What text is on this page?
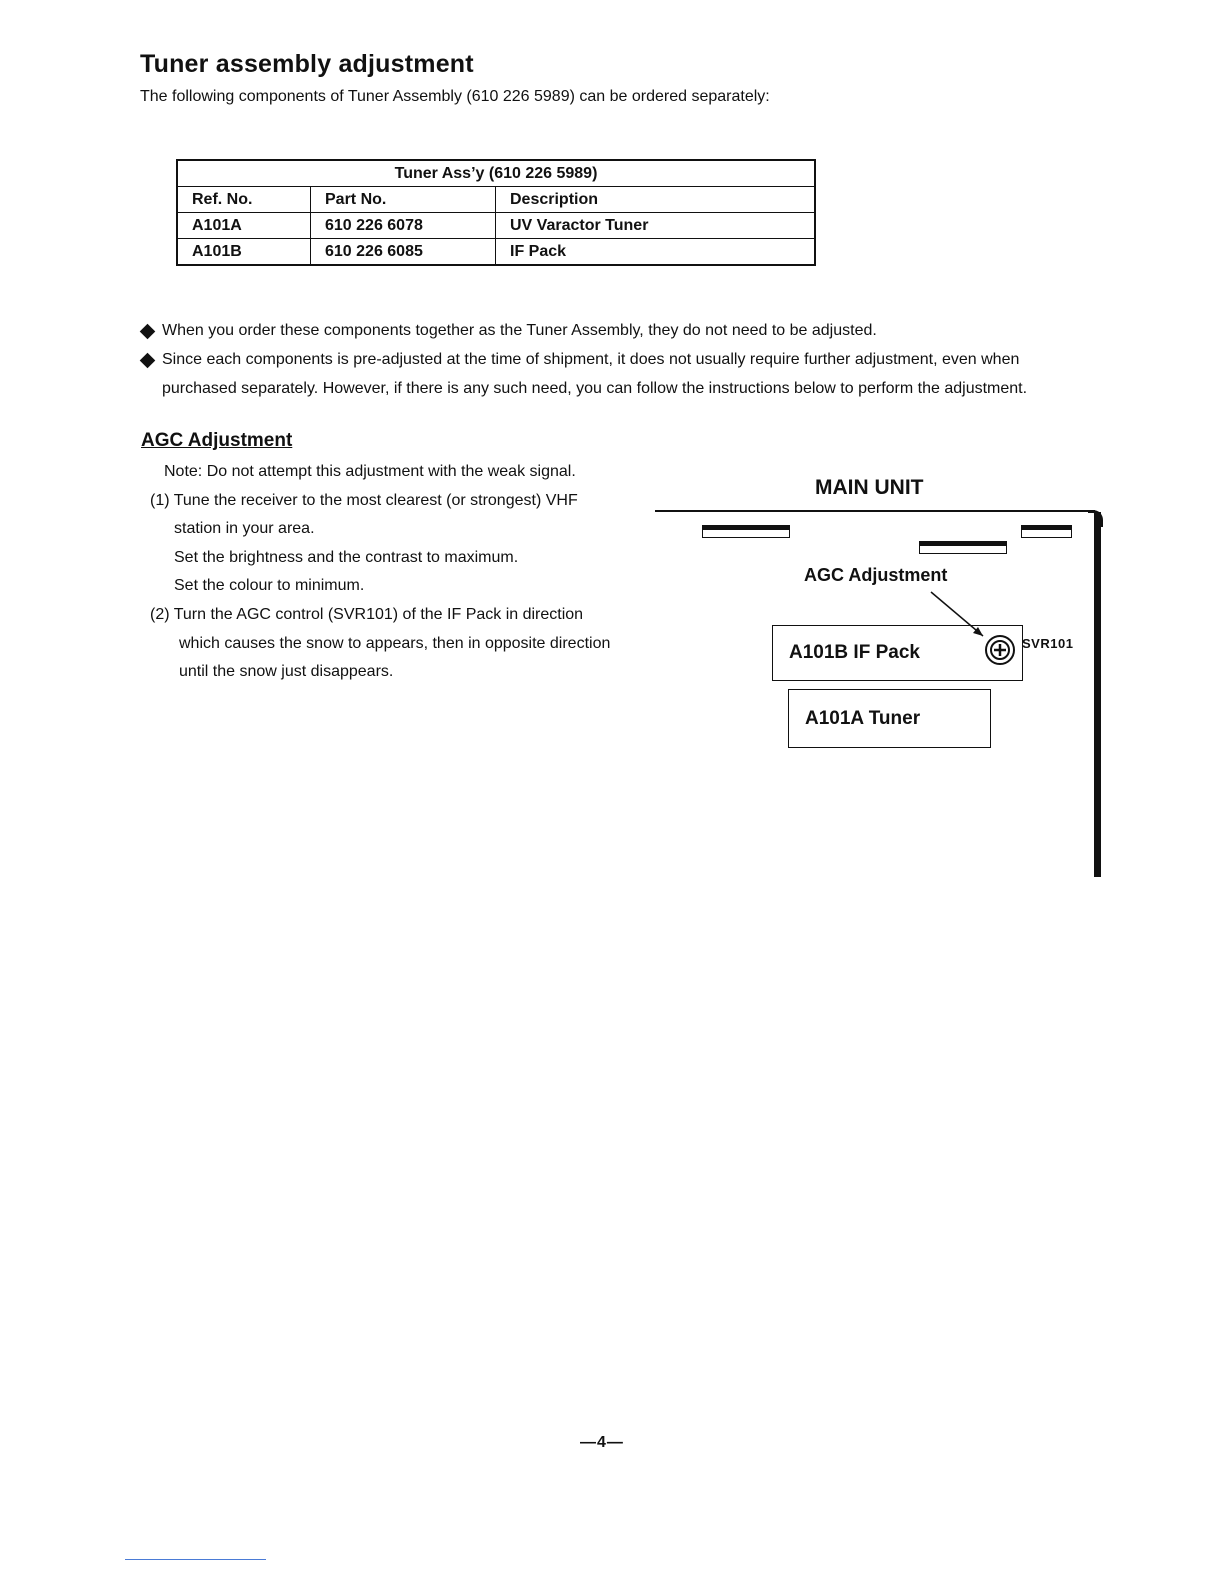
Tuner assembly adjustment
The following components of Tuner Assembly (610 226 5989) can be ordered separately:
Tuner Ass’y (610 226 5989)		
Ref. No.	Part No.	Description
A101A	610 226 6078	UV Varactor Tuner
A101B	610 226 6085	IF Pack
When you order these components together as the Tuner Assembly, they do not need to be adjusted.
Since each components is pre-adjusted at the time of shipment, it does not usually require further adjustment, even when
purchased separately. However, if there is any such need, you can follow the instructions below to perform the adjustment.
AGC Adjustment
Note: Do not attempt this adjustment with the weak signal.
(1) Tune the receiver to the most clearest (or strongest) VHF
station in your area.
Set the brightness and the contrast to maximum.
Set the colour to minimum.
(2) Turn the AGC control (SVR101) of the IF Pack in direction
which causes the snow to appears, then in opposite direction
until the snow just disappears.
MAIN UNIT
AGC Adjustment
A101B IF Pack	SVR101
A101A Tuner
—4—
